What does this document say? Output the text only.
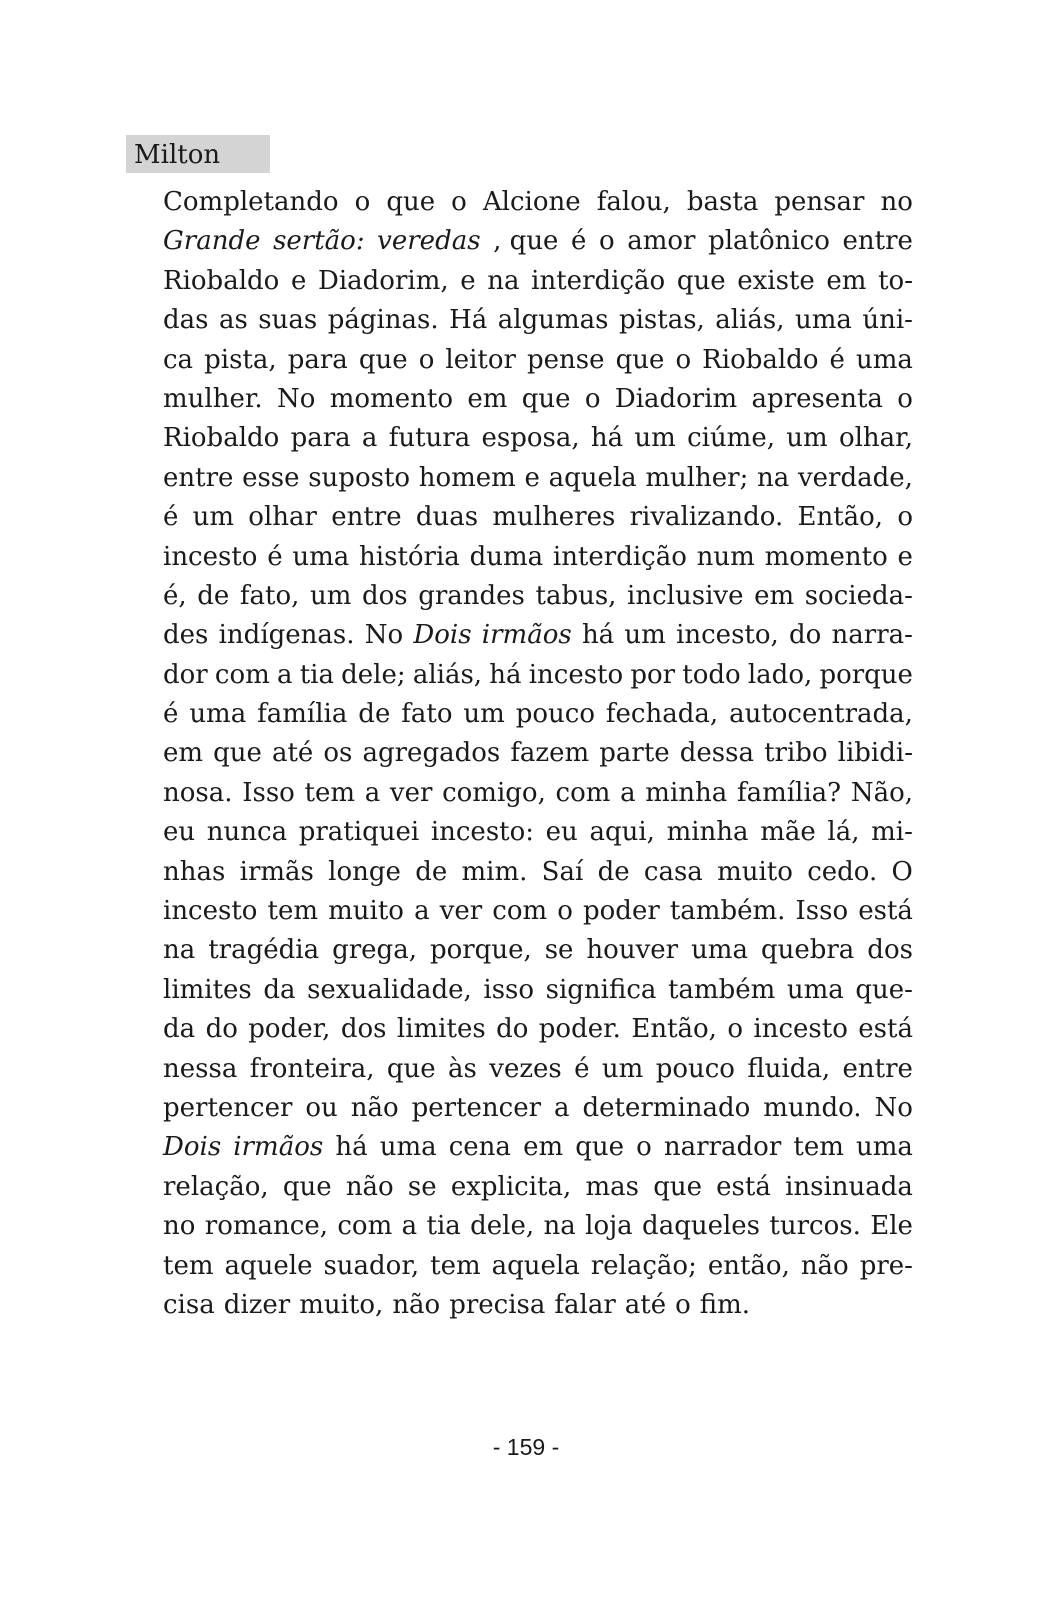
Milton
Completando o que o Alcione falou, basta pensar no
Grande sertão: veredas , que é o amor platônico entre
Riobaldo e Diadorim, e na interdição que existe em to-
das as suas páginas. Há algumas pistas, aliás, uma úni-
ca pista, para que o leitor pense que o Riobaldo é uma
mulher. No momento em que o Diadorim apresenta o
Riobaldo para a futura esposa, há um ciúme, um olhar,
entre esse suposto homem e aquela mulher; na verdade,
é um olhar entre duas mulheres rivalizando. Então, o
incesto é uma história duma interdição num momento e
é, de fato, um dos grandes tabus, inclusive em socieda-
des indígenas. No Dois irmãos há um incesto, do narra-
dor com a tia dele; aliás, há incesto por todo lado, porque
é uma família de fato um pouco fechada, autocentrada,
em que até os agregados fazem parte dessa tribo libidi-
nosa. Isso tem a ver comigo, com a minha família? Não,
eu nunca pratiquei incesto: eu aqui, minha mãe lá, mi-
nhas irmãs longe de mim. Saí de casa muito cedo. O
incesto tem muito a ver com o poder também. Isso está
na tragédia grega, porque, se houver uma quebra dos
limites da sexualidade, isso significa também uma que-
da do poder, dos limites do poder. Então, o incesto está
nessa fronteira, que às vezes é um pouco fluida, entre
pertencer ou não pertencer a determinado mundo. No
Dois irmãos há uma cena em que o narrador tem uma
relação, que não se explicita, mas que está insinuada
no romance, com a tia dele, na loja daqueles turcos. Ele
tem aquele suador, tem aquela relação; então, não pre-
cisa dizer muito, não precisa falar até o fim.
- 159 -
